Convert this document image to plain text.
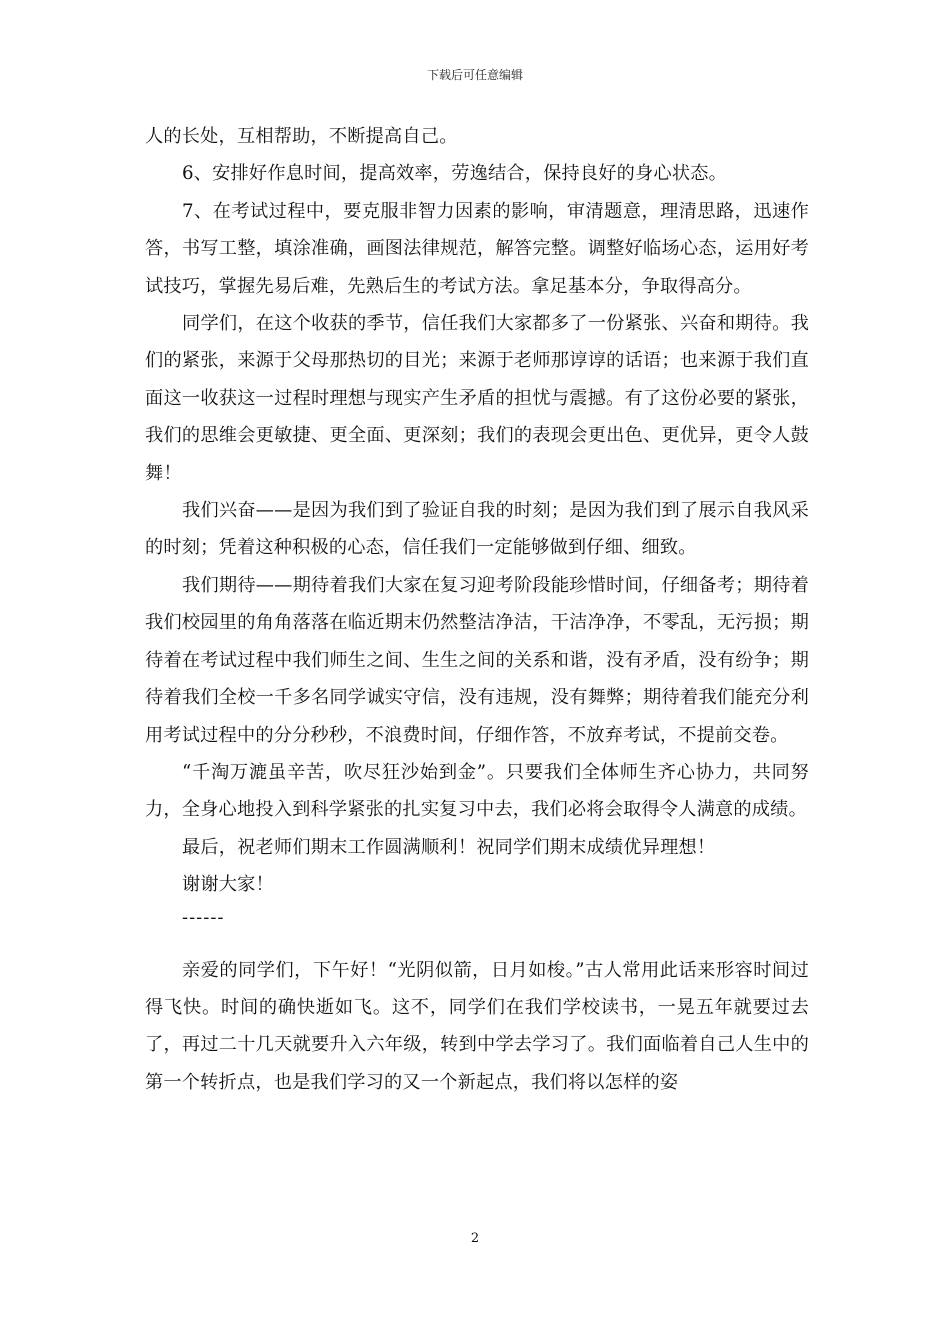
下载后可任意编辑

人的长处，互相帮助，不断提高自己。

6、安排好作息时间，提高效率，劳逸结合，保持良好的身心状态。

7、在考试过程中，要克服非智力因素的影响，审清题意，理清思路，迅速作答，书写工整，填涂准确，画图法律规范，解答完整。调整好临场心态，运用好考试技巧，掌握先易后难，先熟后生的考试方法。拿足基本分，争取得高分。

同学们，在这个收获的季节，信任我们大家都多了一份紧张、兴奋和期待。我们的紧张，来源于父母那热切的目光；来源于老师那谆谆的话语；也来源于我们直面这一收获这一过程时理想与现实产生矛盾的担忧与震撼。有了这份必要的紧张，我们的思维会更敏捷、更全面、更深刻；我们的表现会更出色、更优异，更令人鼓舞！

我们兴奋——是因为我们到了验证自我的时刻；是因为我们到了展示自我风采的时刻；凭着这种积极的心态，信任我们一定能够做到仔细、细致。

我们期待——期待着我们大家在复习迎考阶段能珍惜时间，仔细备考；期待着我们校园里的角角落落在临近期末仍然整洁净洁，干洁净净，不零乱，无污损；期待着在考试过程中我们师生之间、生生之间的关系和谐，没有矛盾，没有纷争；期待着我们全校一千多名同学诚实守信，没有违规，没有舞弊；期待着我们能充分利用考试过程中的分分秒秒，不浪费时间，仔细作答，不放弃考试，不提前交卷。

“千淘万漉虽辛苦，吹尽狂沙始到金”。只要我们全体师生齐心协力，共同努力，全身心地投入到科学紧张的扎实复习中去，我们必将会取得令人满意的成绩。

最后，祝老师们期末工作圆满顺利！祝同学们期末成绩优异理想！

谢谢大家！

------

亲爱的同学们，下午好！“光阴似箭，日月如梭。”古人常用此话来形容时间过得飞快。时间的确快逝如飞。这不，同学们在我们学校读书，一晃五年就要过去了，再过二十几天就要升入六年级，转到中学去学习了。我们面临着自己人生中的第一个转折点，也是我们学习的又一个新起点，我们将以怎样的姿

2
